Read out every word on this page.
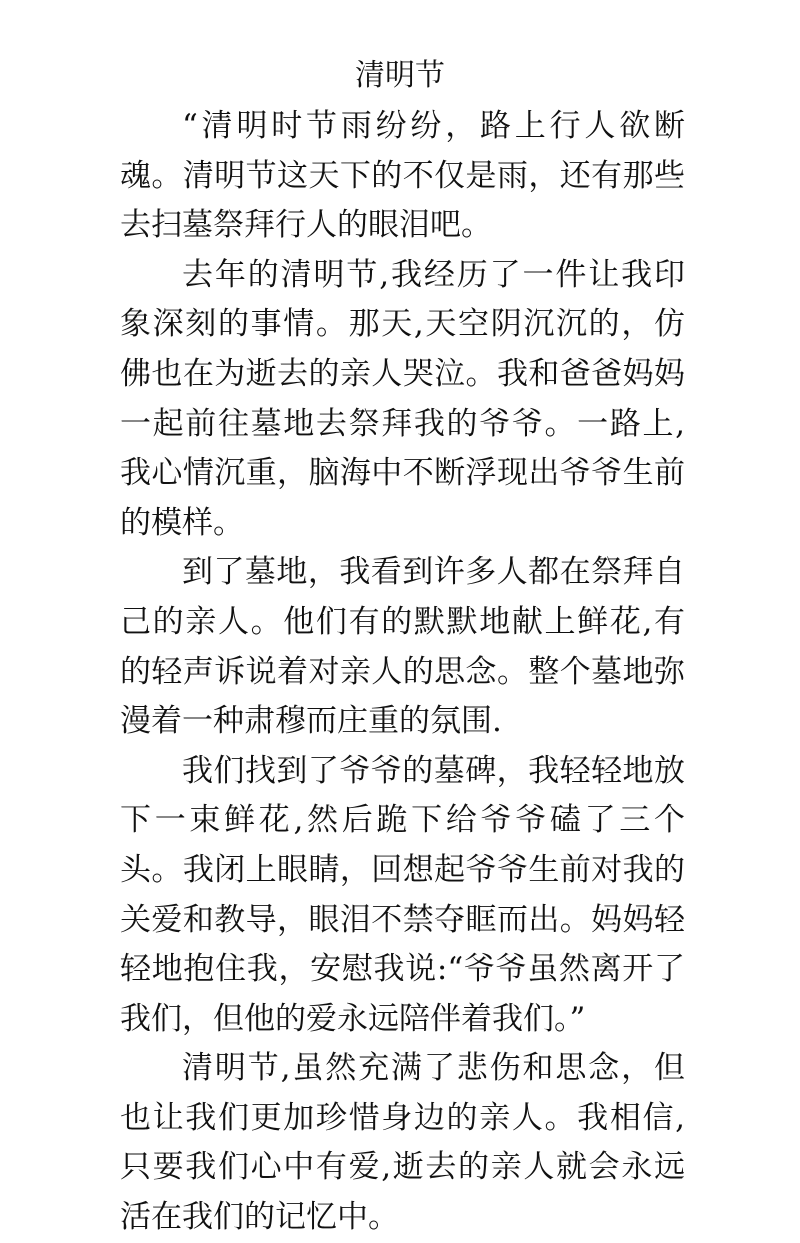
清明节

“清明时节雨纷纷，路上行人欲断魂。清明节这天下的不仅是雨，还有那些去扫墓祭拜行人的眼泪吧。

去年的清明节,我经历了一件让我印象深刻的事情。那天,天空阴沉沉的，仿佛也在为逝去的亲人哭泣。我和爸爸妈妈一起前往墓地去祭拜我的爷爷。一路上,我心情沉重，脑海中不断浮现出爷爷生前的模样。

到了墓地，我看到许多人都在祭拜自己的亲人。他们有的默默地献上鲜花,有的轻声诉说着对亲人的思念。整个墓地弥漫着一种肃穆而庄重的氛围.

我们找到了爷爷的墓碑，我轻轻地放下一束鲜花,然后跪下给爷爷磕了三个头。我闭上眼睛，回想起爷爷生前对我的关爱和教导，眼泪不禁夺眶而出。妈妈轻轻地抱住我，安慰我说:“爷爷虽然离开了我们，但他的爱永远陪伴着我们。”

清明节,虽然充满了悲伤和思念，但也让我们更加珍惜身边的亲人。我相信,只要我们心中有爱,逝去的亲人就会永远活在我们的记忆中。
